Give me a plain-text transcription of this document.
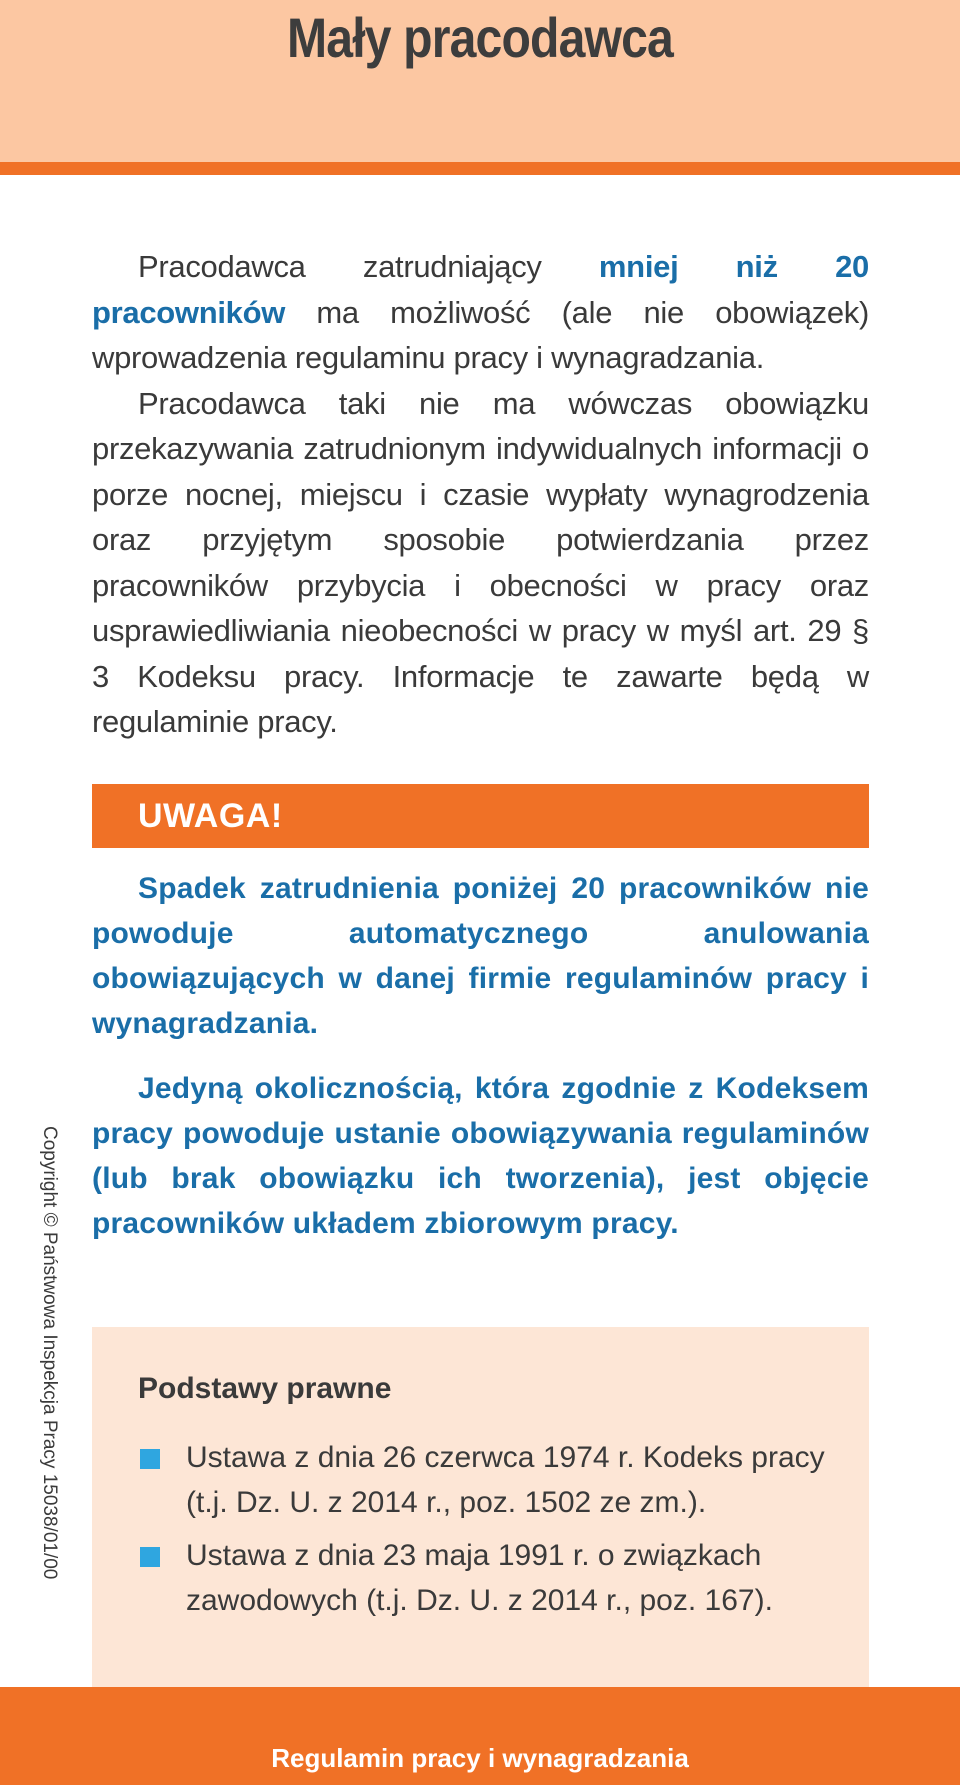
Mały pracodawca

Pracodawca zatrudniający mniej niż 20 pracowników ma możliwość (ale nie obowiązek) wprowadzenia regulaminu pracy i wynagradzania.

Pracodawca taki nie ma wówczas obowiązku przekazywania zatrudnionym indywidualnych informacji o porze nocnej, miejscu i czasie wypłaty wynagrodzenia oraz przyjętym sposobie potwierdzania przez pracowników przybycia i obecności w pracy oraz usprawiedliwiania nieobecności w pracy w myśl art. 29 § 3 Kodeksu pracy. Informacje te zawarte będą w regulaminie pracy.

UWAGA!

Spadek zatrudnienia poniżej 20 pracowników nie powoduje automatycznego anulowania obowiązujących w danej firmie regulaminów pracy i wynagradzania.

Jedyną okolicznością, która zgodnie z Kodeksem pracy powoduje ustanie obowiązywania regulaminów (lub brak obowiązku ich tworzenia), jest objęcie pracowników układem zbiorowym pracy.

Copyright © Państwowa Inspekcja Pracy 15038/01/00	Podstawy prawne
Ustawa z dnia 26 czerwca 1974 r. Kodeks pracy (t.j. Dz. U. z 2014 r., poz. 1502 ze zm.).
Ustawa z dnia 23 maja 1991 r. o związkach zawodowych (t.j. Dz. U. z 2014 r., poz. 167).
Regulamin pracy i wynagradzania
